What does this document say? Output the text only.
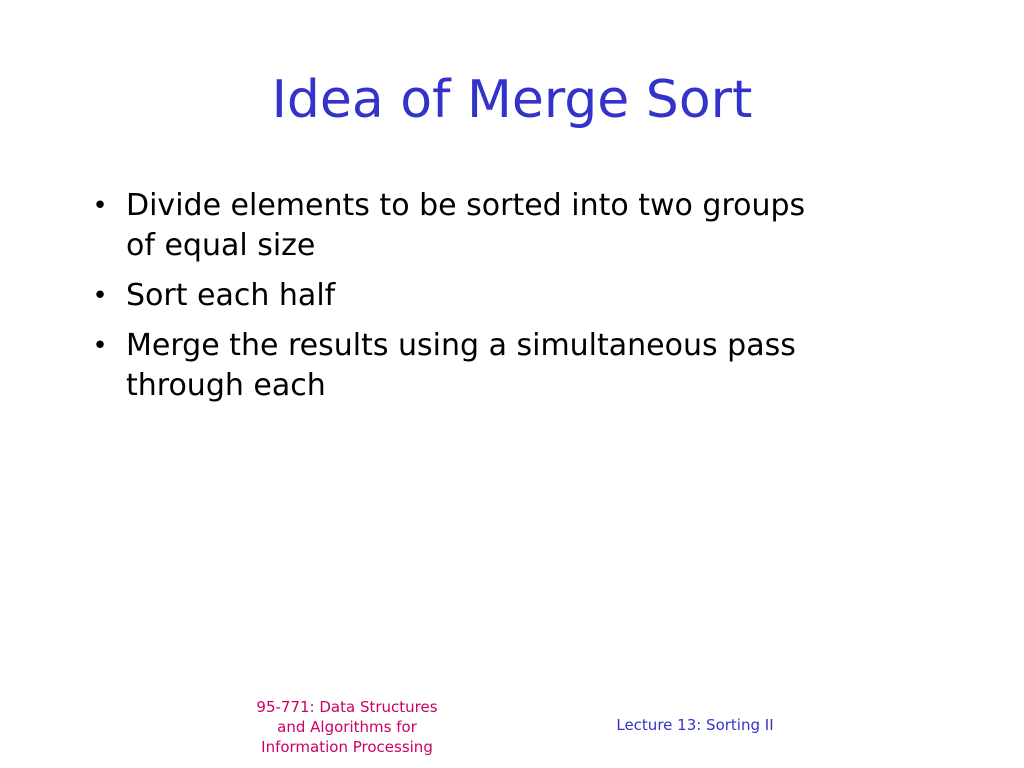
Idea of Merge Sort
• Divide elements to be sorted into two groups
of equal size
• Sort each half
• Merge the results using a simultaneous pass
through each
95-771: Data Structures
and Algorithms for
Information Processing
Lecture 13: Sorting II
